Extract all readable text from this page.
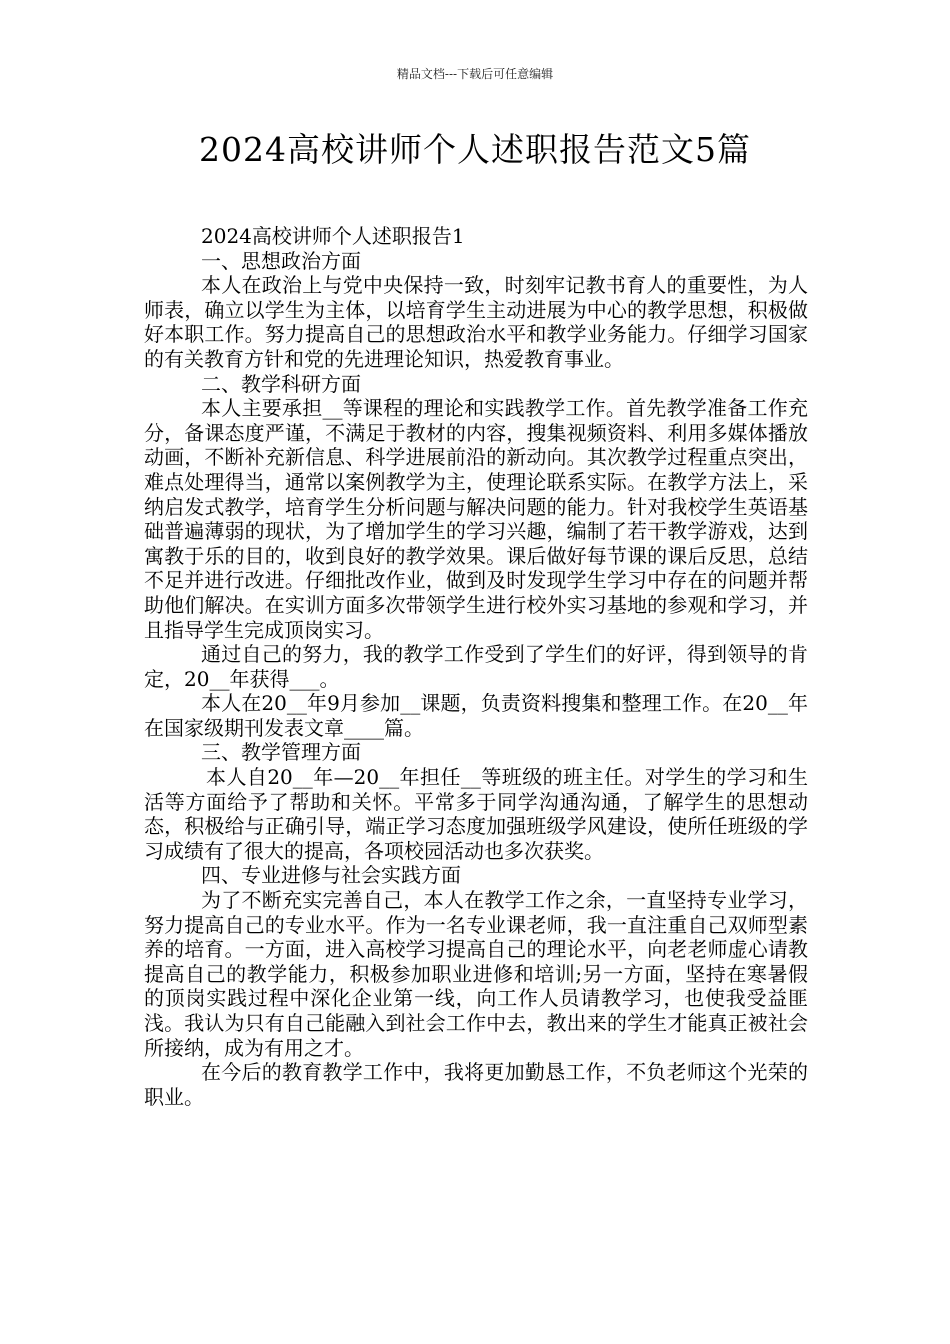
精品文档---下载后可任意编辑
2024高校讲师个人述职报告范文5篇

2024高校讲师个人述职报告1

一、思想政治方面

本人在政治上与党中央保持一致，时刻牢记教书育人的重要性，为人师表，确立以学生为主体，以培育学生主动进展为中心的教学思想，积极做好本职工作。努力提高自己的思想政治水平和教学业务能力。仔细学习国家的有关教育方针和党的先进理论知识，热爱教育事业。

二、教学科研方面

本人主要承担__等课程的理论和实践教学工作。首先教学准备工作充分，备课态度严谨，不满足于教材的内容，搜集视频资料、利用多媒体播放动画，不断补充新信息、科学进展前沿的新动向。其次教学过程重点突出，难点处理得当，通常以案例教学为主，使理论联系实际。在教学方法上，采纳启发式教学，培育学生分析问题与解决问题的能力。针对我校学生英语基础普遍薄弱的现状，为了增加学生的学习兴趣，编制了若干教学游戏，达到寓教于乐的目的，收到良好的教学效果。课后做好每节课的课后反思，总结不足并进行改进。仔细批改作业，做到及时发现学生学习中存在的问题并帮助他们解决。在实训方面多次带领学生进行校外实习基地的参观和学习，并且指导学生完成顶岗实习。

通过自己的努力，我的教学工作受到了学生们的好评，得到领导的肯定，20__年获得___。

本人在20__年9月参加__课题，负责资料搜集和整理工作。在20__年在国家级期刊发表文章____篇。

三、教学管理方面

本人自20__年—20__年担任__等班级的班主任。对学生的学习和生活等方面给予了帮助和关怀。平常多于同学沟通沟通，了解学生的思想动态，积极给与正确引导，端正学习态度加强班级学风建设，使所任班级的学习成绩有了很大的提高，各项校园活动也多次获奖。

四、专业进修与社会实践方面

为了不断充实完善自己，本人在教学工作之余，一直坚持专业学习，努力提高自己的专业水平。作为一名专业课老师，我一直注重自己双师型素养的培育。一方面，进入高校学习提高自己的理论水平，向老老师虚心请教提高自己的教学能力，积极参加职业进修和培训;另一方面，坚持在寒暑假的顶岗实践过程中深化企业第一线，向工作人员请教学习，也使我受益匪浅。我认为只有自己能融入到社会工作中去，教出来的学生才能真正被社会所接纳，成为有用之才。

在今后的教育教学工作中，我将更加勤恳工作，不负老师这个光荣的职业。
